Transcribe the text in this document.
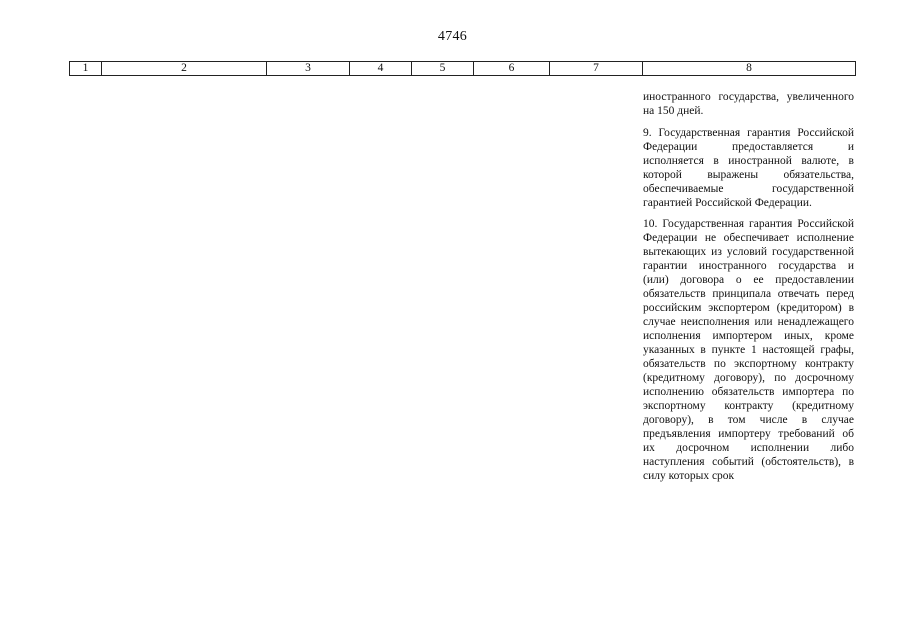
4746
1	2	3	4	5	6	7	8

иностранного государства, увеличенного на 150 дней.

9. Государственная гарантия Российской Федерации предоставляется и исполняется в иностранной валюте, в которой выражены обязательства, обеспечиваемые государственной гарантией Российской Федерации.

10. Государственная гарантия Российской Федерации не обеспечивает исполнение вытекающих из условий государственной гарантии иностранного государства и (или) договора о ее предоставлении обязательств принципала отвечать перед российским экспортером (кредитором) в случае неисполнения или ненадлежащего исполнения импортером иных, кроме указанных в пункте 1 настоящей графы, обязательств по экспортному контракту (кредитному договору), по досрочному исполнению обязательств импортера по экспортному контракту (кредитному договору), в том числе в случае предъявления импортеру требований об их досрочном исполнении либо наступления событий (обстоятельств), в силу которых срок
